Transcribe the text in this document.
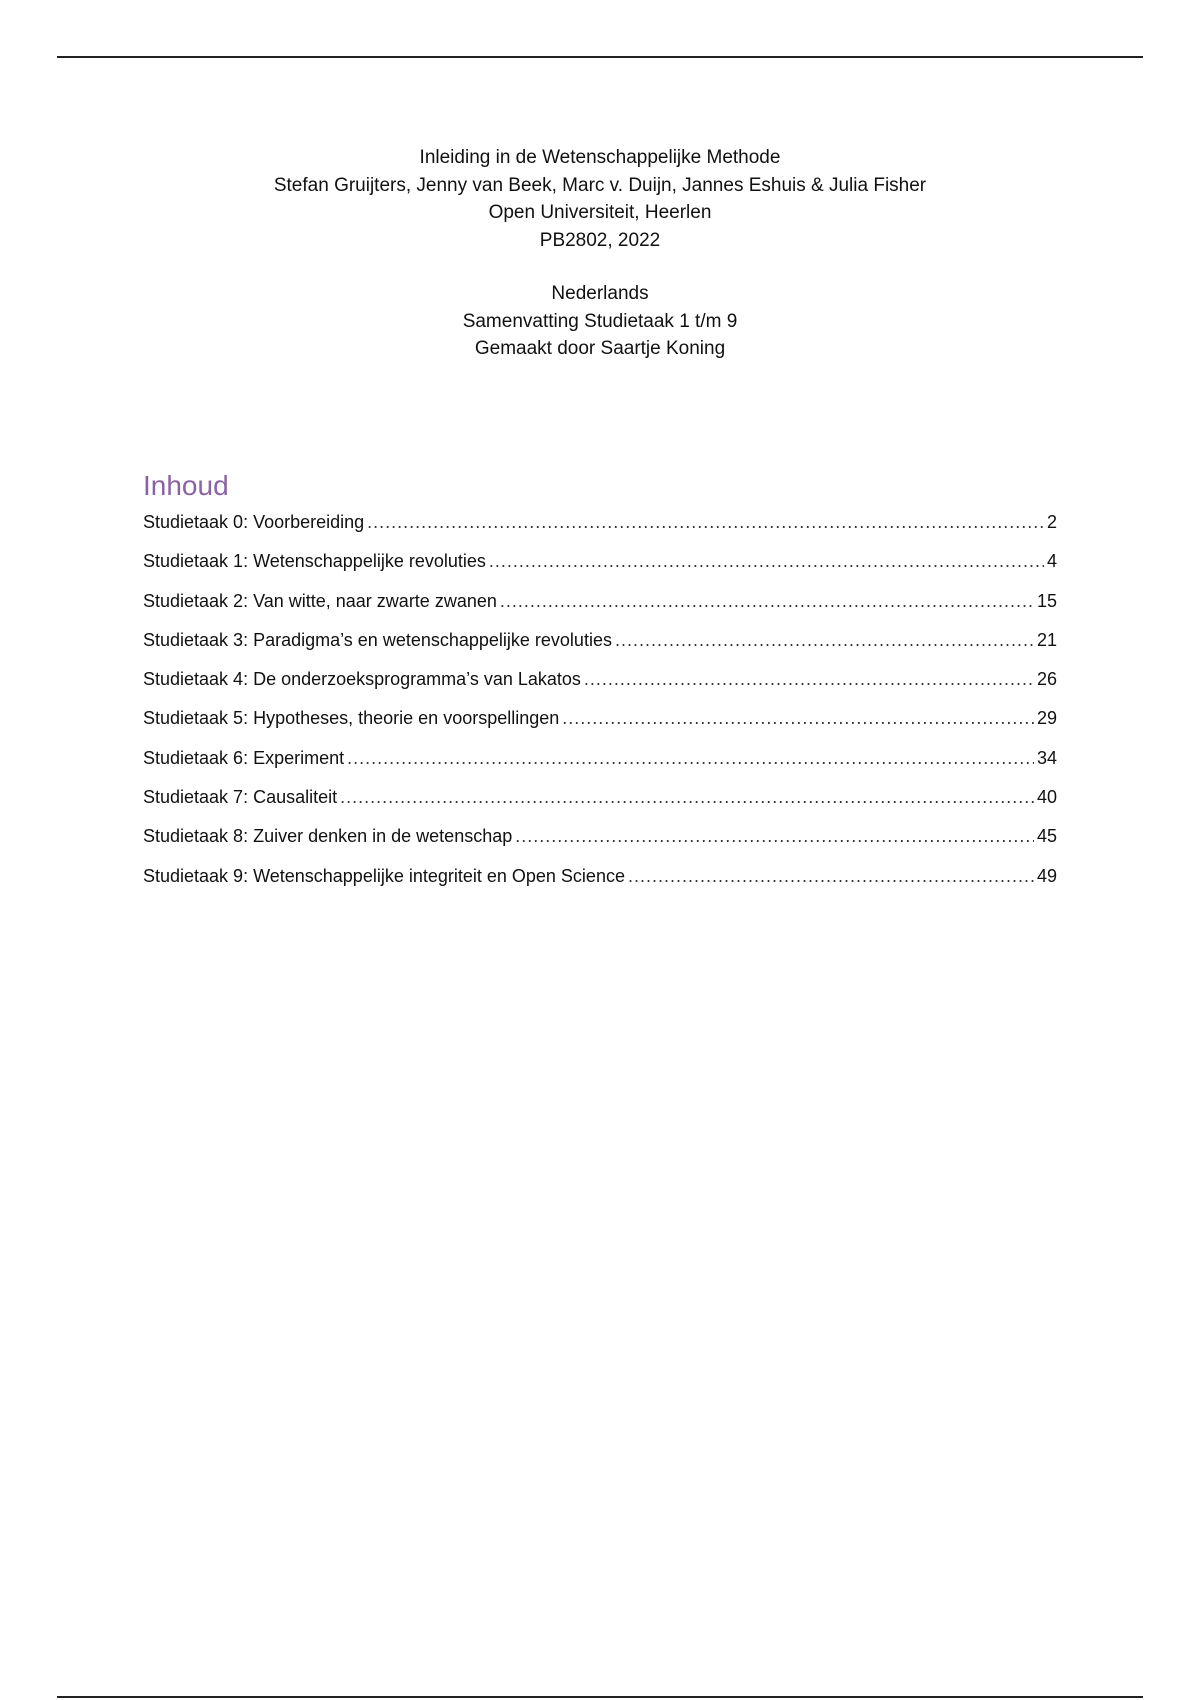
Inleiding in de Wetenschappelijke Methode
Stefan Gruijters, Jenny van Beek, Marc v. Duijn, Jannes Eshuis & Julia Fisher
Open Universiteit, Heerlen
PB2802, 2022
Nederlands
Samenvatting Studietaak 1 t/m 9
Gemaakt door Saartje Koning
Inhoud
Studietaak 0: Voorbereiding .....	2
Studietaak 1: Wetenschappelijke revoluties .....	4
Studietaak 2: Van witte, naar zwarte zwanen .....	15
Studietaak 3: Paradigma’s en wetenschappelijke revoluties .....	21
Studietaak 4: De onderzoeksprogramma’s van Lakatos .....	26
Studietaak 5: Hypotheses, theorie en voorspellingen .....	29
Studietaak 6: Experiment .....	34
Studietaak 7: Causaliteit .....	40
Studietaak 8: Zuiver denken in de wetenschap .....	45
Studietaak 9: Wetenschappelijke integriteit en Open Science .....	49
